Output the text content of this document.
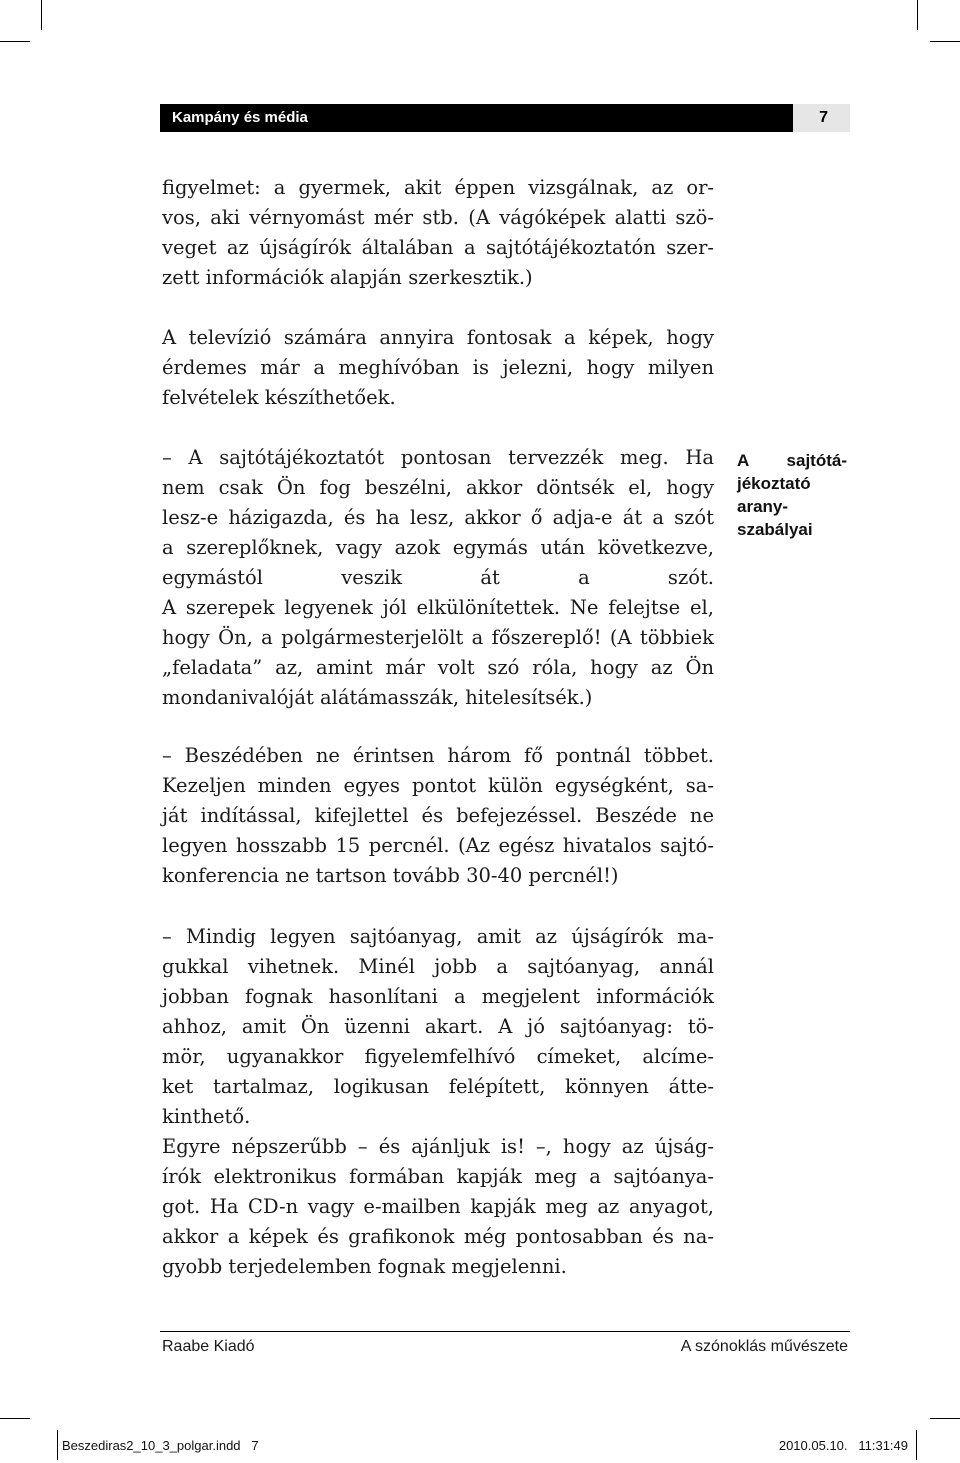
Kampány és média	7
figyelmet: a gyermek, akit éppen vizsgálnak, az or-
vos, aki vérnyomást mér stb. (A vágóképek alatti szö-
veget az újságírók általában a sajtótájékoztatón szer-
zett információk alapján szerkesztik.)
A televízió számára annyira fontosak a képek, hogy
érdemes már a meghívóban is jelezni, hogy milyen
felvételek készíthetőek.
– A sajtótájékoztatót pontosan tervezzék meg. Ha
nem csak Ön fog beszélni, akkor döntsék el, hogy
lesz-e házigazda, és ha lesz, akkor ő adja-e át a szót
a szereplőknek, vagy azok egymás után következve,
egymástól veszik át a szót.
A szerepek legyenek jól elkülönítettek. Ne felejtse el,
hogy Ön, a polgármesterjelölt a főszereplő! (A többiek
„feladata” az, amint már volt szó róla, hogy az Ön
mondanivalóját alátámasszák, hitelesítsék.)
– Beszédében ne érintsen három fő pontnál többet.
Kezeljen minden egyes pontot külön egységként, sa-
ját indítással, kifejlettel és befejezéssel. Beszéde ne
legyen hosszabb 15 percnél. (Az egész hivatalos sajtó-
konferencia ne tartson tovább 30-40 percnél!)
– Mindig legyen sajtóanyag, amit az újságírók ma-
gukkal vihetnek. Minél jobb a sajtóanyag, annál
jobban fognak hasonlítani a megjelent információk
ahhoz, amit Ön üzenni akart. A jó sajtóanyag: tö-
mör, ugyanakkor figyelemfelhívó címeket, alcíme-
ket tartalmaz, logikusan felépített, könnyen átte-
kinthető.
Egyre népszerűbb – és ajánljuk is! –, hogy az újság-
írók elektronikus formában kapják meg a sajtóanya-
got. Ha CD-n vagy e-mailben kapják meg az anyagot,
akkor a képek és grafikonok még pontosabban és na-
gyobb terjedelemben fognak megjelenni.
A sajtótá-
jékoztató
arany-
szabályai
Raabe Kiadó	A szónoklás művészete
Beszediras2_10_3_polgar.indd   7	2010.05.10.   11:31:49
